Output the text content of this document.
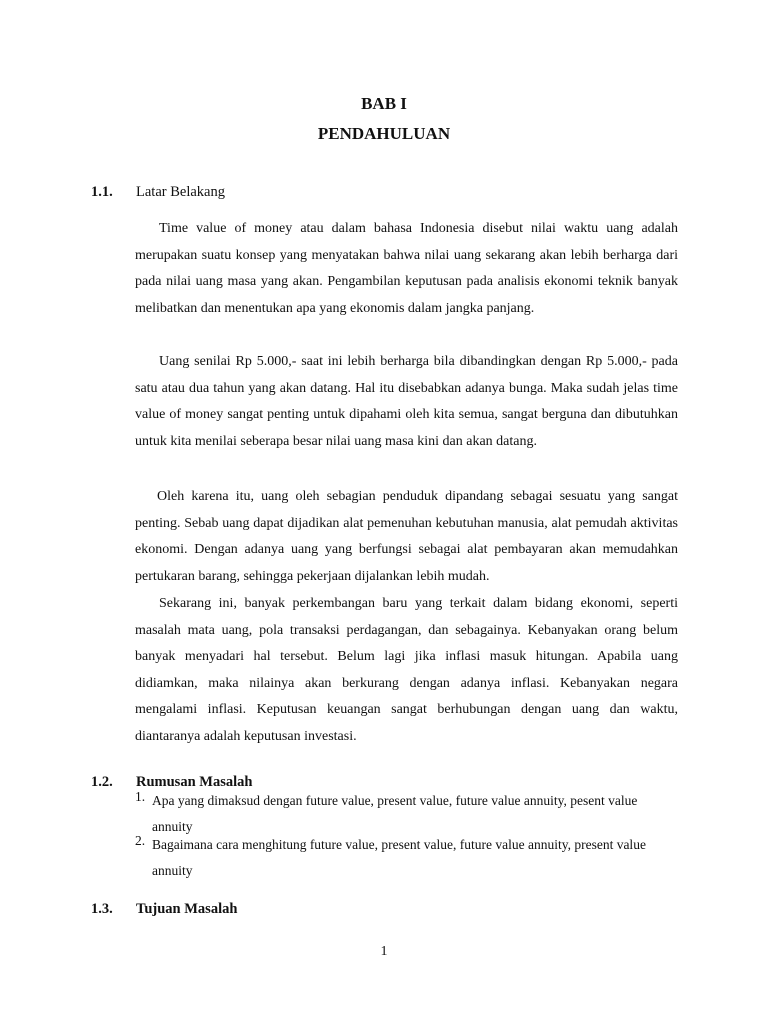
BAB I
PENDAHULUAN
1.1. Latar Belakang

Time value of money atau dalam bahasa Indonesia disebut nilai waktu uang adalah merupakan suatu konsep yang menyatakan bahwa nilai uang sekarang akan lebih berharga dari pada nilai uang masa yang akan. Pengambilan keputusan pada analisis ekonomi teknik banyak melibatkan dan menentukan apa yang ekonomis dalam jangka panjang.

Uang senilai Rp 5.000,- saat ini lebih berharga bila dibandingkan dengan Rp 5.000,- pada satu atau dua tahun yang akan datang. Hal itu disebabkan adanya bunga. Maka sudah jelas time value of money sangat penting untuk dipahami oleh kita semua, sangat berguna dan dibutuhkan untuk kita menilai seberapa besar nilai uang masa kini dan akan datang.

Oleh karena itu, uang oleh sebagian penduduk dipandang sebagai sesuatu yang sangat penting. Sebab uang dapat dijadikan alat pemenuhan kebutuhan manusia, alat pemudah aktivitas ekonomi. Dengan adanya uang yang berfungsi sebagai alat pembayaran akan memudahkan pertukaran barang, sehingga pekerjaan dijalankan lebih mudah.

Sekarang ini, banyak perkembangan baru yang terkait dalam bidang ekonomi, seperti masalah mata uang, pola transaksi perdagangan, dan sebagainya. Kebanyakan orang belum banyak menyadari hal tersebut. Belum lagi jika inflasi masuk hitungan. Apabila uang didiamkan, maka nilainya akan berkurang dengan adanya inflasi. Kebanyakan negara mengalami inflasi. Keputusan keuangan sangat berhubungan dengan uang dan waktu, diantaranya adalah keputusan investasi.

1.2. Rumusan Masalah
1. Apa yang dimaksud dengan future value, present value, future value annuity, pesent value annuity
2. Bagaimana cara menghitung future value, present value, future value annuity, present value annuity
1.3. Tujuan Masalah
1
